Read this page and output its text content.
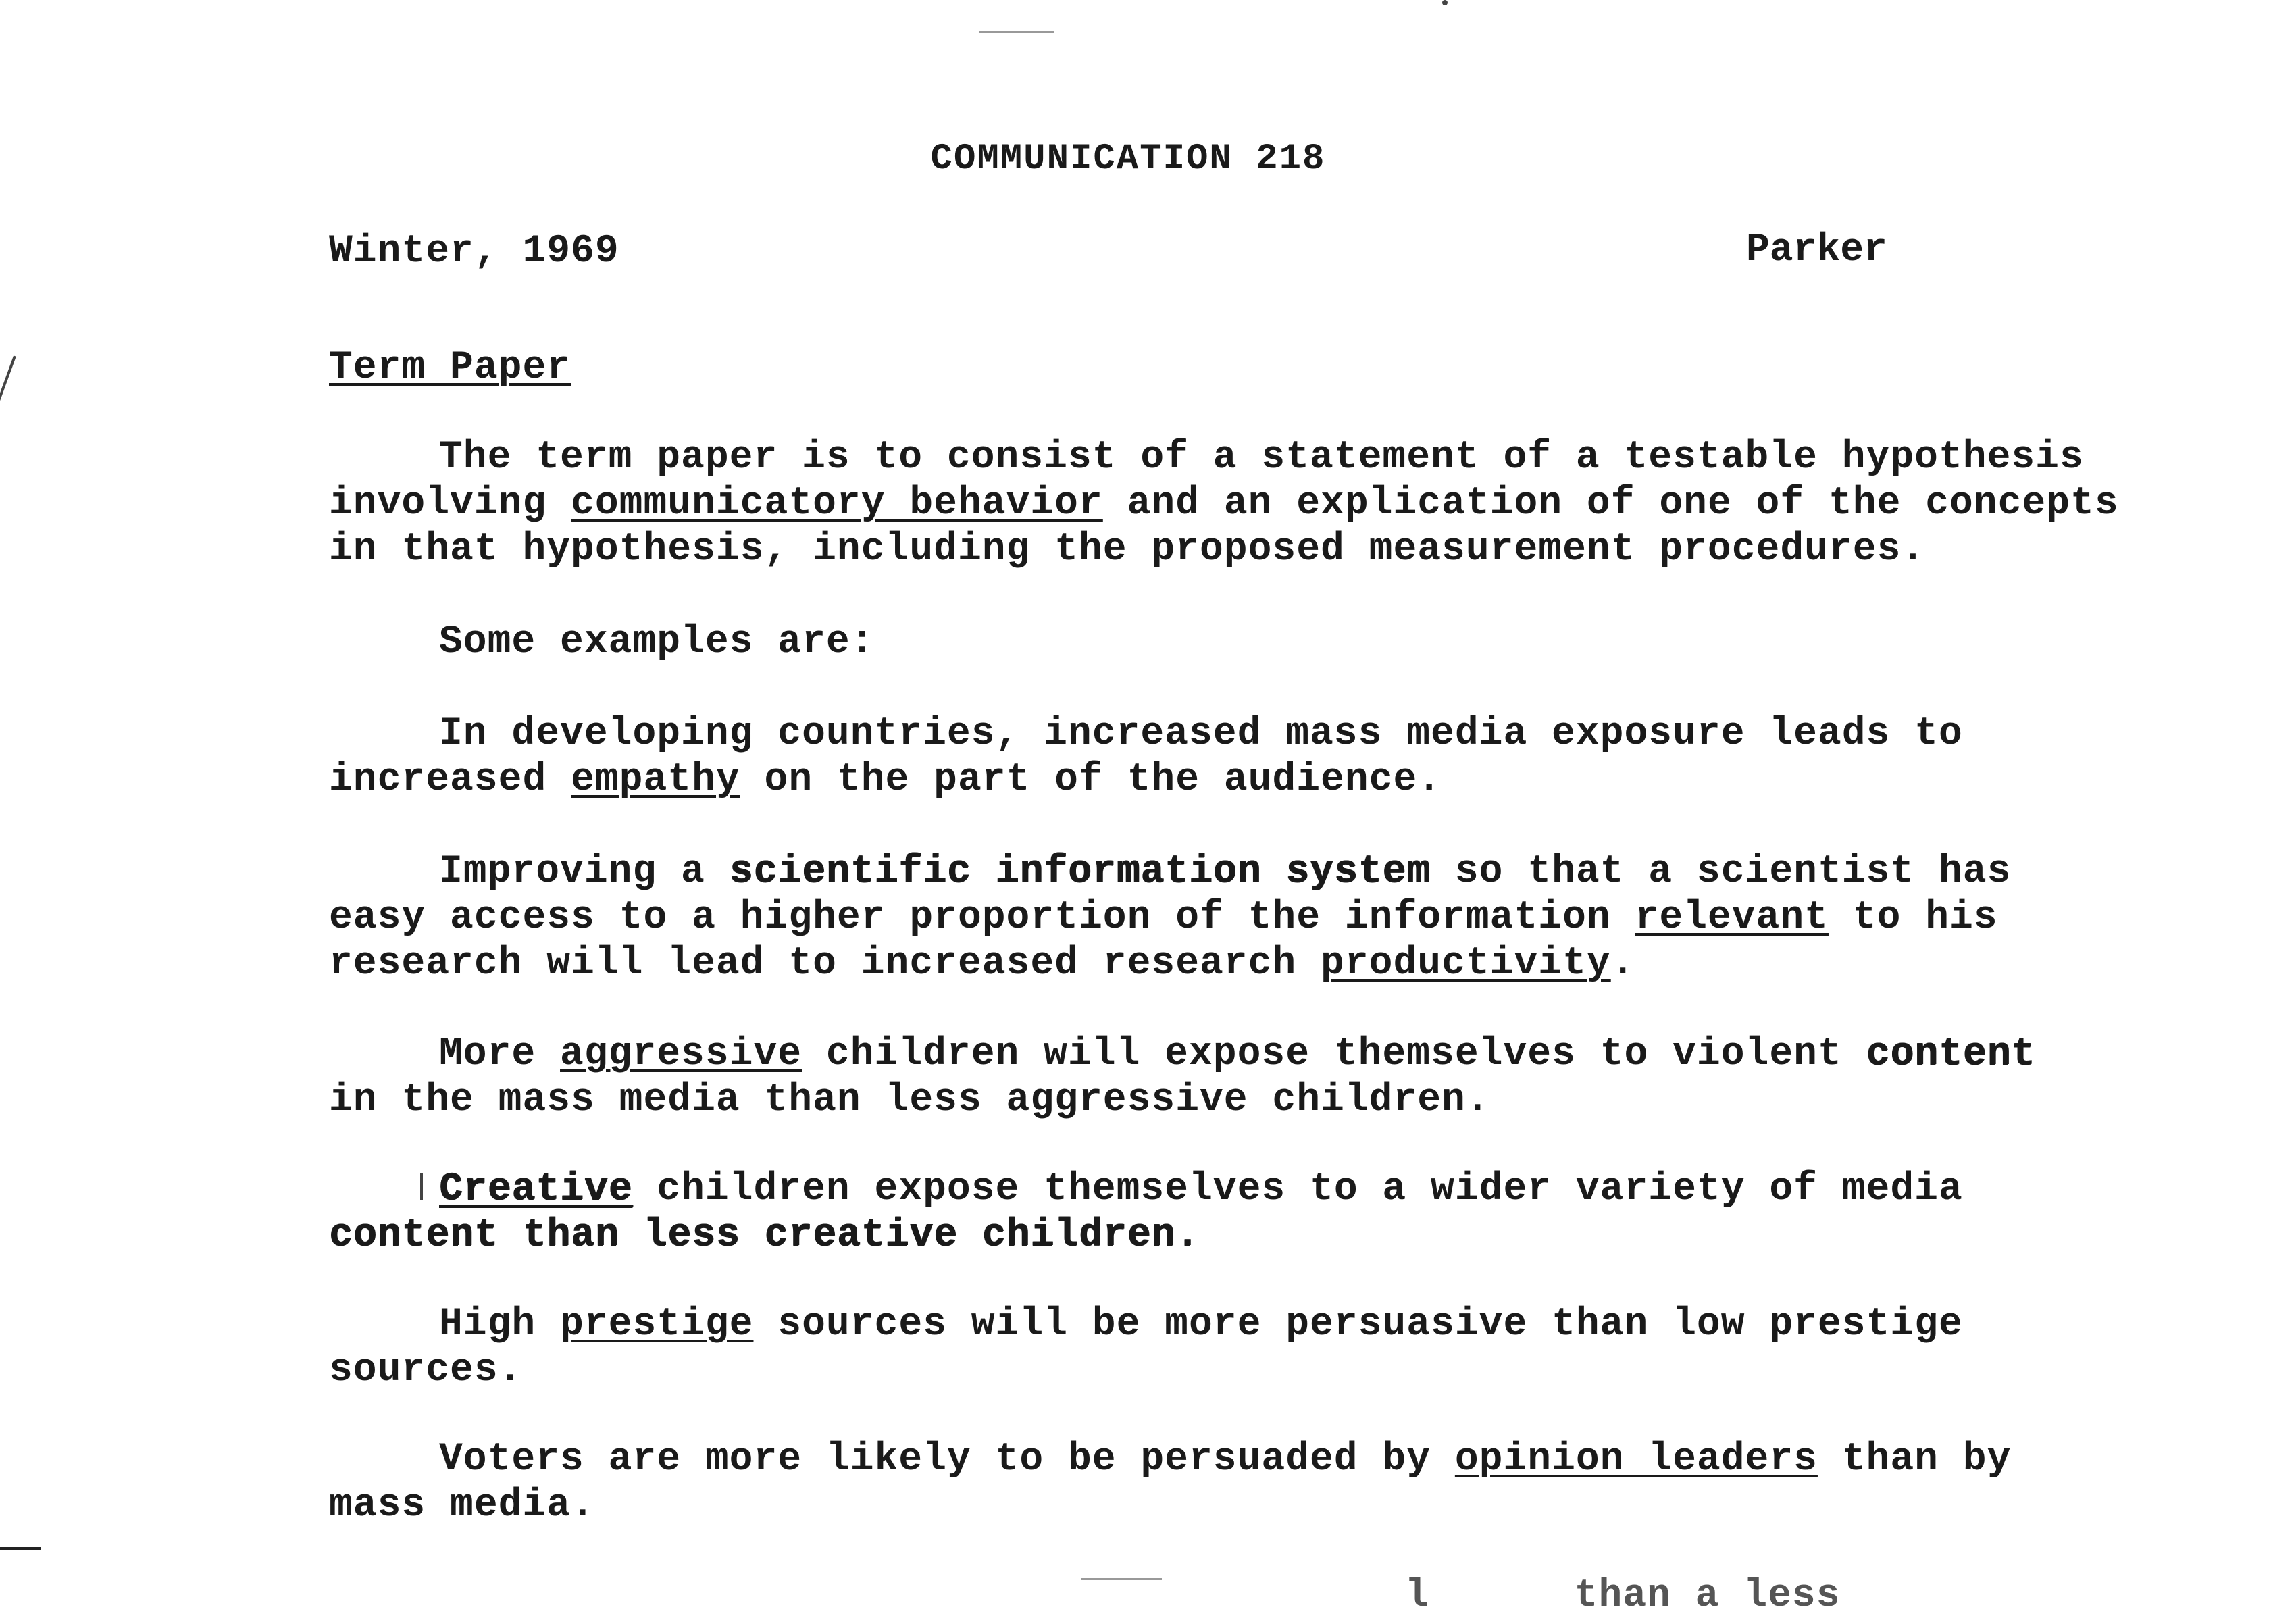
COMMUNICATION 218
Winter, 1969	Parker
Term Paper
The term paper is to consist of a statement of a testable hypothesis
involving communicatory behavior and an explication of one of the concepts
in that hypothesis, including the proposed measurement procedures.
Some examples are:
In developing countries, increased mass media exposure leads to
increased empathy on the part of the audience.
Improving a scientific information system so that a scientist has
easy access to a higher proportion of the information relevant to his
research will lead to increased research productivity.
More aggressive children will expose themselves to violent content
in the mass media than less aggressive children.
Creative children expose themselves to a wider variety of media
content than less creative children.
High prestige sources will be more persuasive than low prestige
sources.
Voters are more likely to be persuaded by opinion leaders than by
mass media.
l      than a less
